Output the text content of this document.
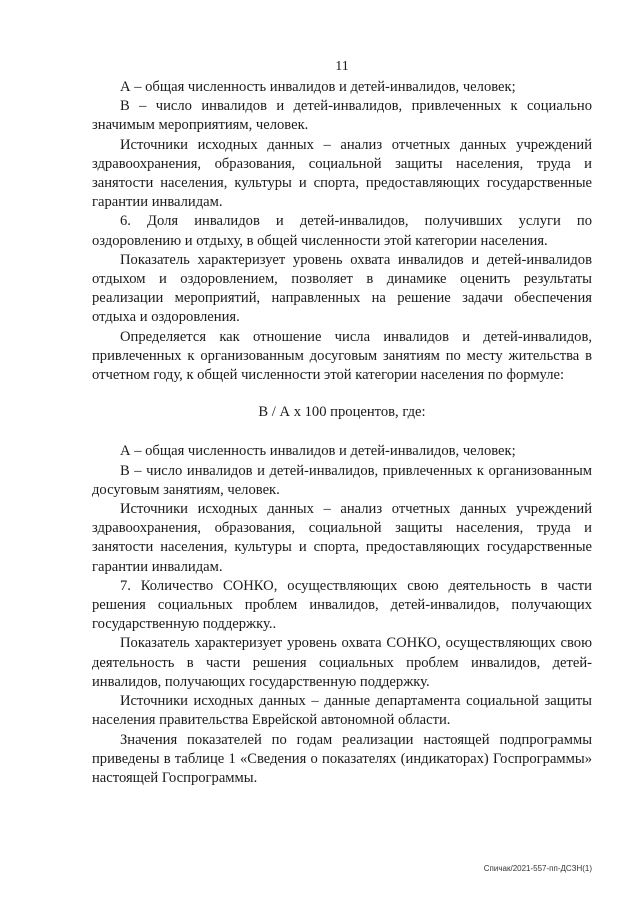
11

А – общая численность инвалидов и детей-инвалидов, человек;

В – число инвалидов и детей-инвалидов, привлеченных к социально значимым мероприятиям, человек.

Источники исходных данных – анализ отчетных данных учреждений здравоохранения, образования, социальной защиты населения, труда и занятости населения, культуры и спорта, предоставляющих государственные гарантии инвалидам.

6. Доля инвалидов и детей-инвалидов, получивших услуги по оздоровлению и отдыху, в общей численности этой категории населения.

Показатель характеризует уровень охвата инвалидов и детей-инвалидов отдыхом и оздоровлением, позволяет в динамике оценить результаты реализации мероприятий, направленных на решение задачи обеспечения отдыха и оздоровления.

Определяется как отношение числа инвалидов и детей-инвалидов, привлеченных к организованным досуговым занятиям по месту жительства в отчетном году, к общей численности этой категории населения по формуле:

В / А х 100 процентов, где:

А – общая численность инвалидов и детей-инвалидов, человек;

В – число инвалидов и детей-инвалидов, привлеченных к организованным досуговым занятиям, человек.

Источники исходных данных – анализ отчетных данных учреждений здравоохранения, образования, социальной защиты населения, труда и занятости населения, культуры и спорта, предоставляющих государственные гарантии инвалидам.

7. Количество СОНКО, осуществляющих свою деятельность в части решения социальных проблем инвалидов, детей-инвалидов, получающих государственную поддержку..

Показатель характеризует уровень охвата СОНКО, осуществляющих свою деятельность в части решения социальных проблем инвалидов, детей-инвалидов, получающих государственную поддержку.

Источники исходных данных – данные департамента социальной защиты населения правительства Еврейской автономной области.

Значения показателей по годам реализации настоящей подпрограммы приведены в таблице 1 «Сведения о показателях (индикаторах) Госпрограммы» настоящей Госпрограммы.

Спичак/2021-557-пп-ДСЗН(1)
